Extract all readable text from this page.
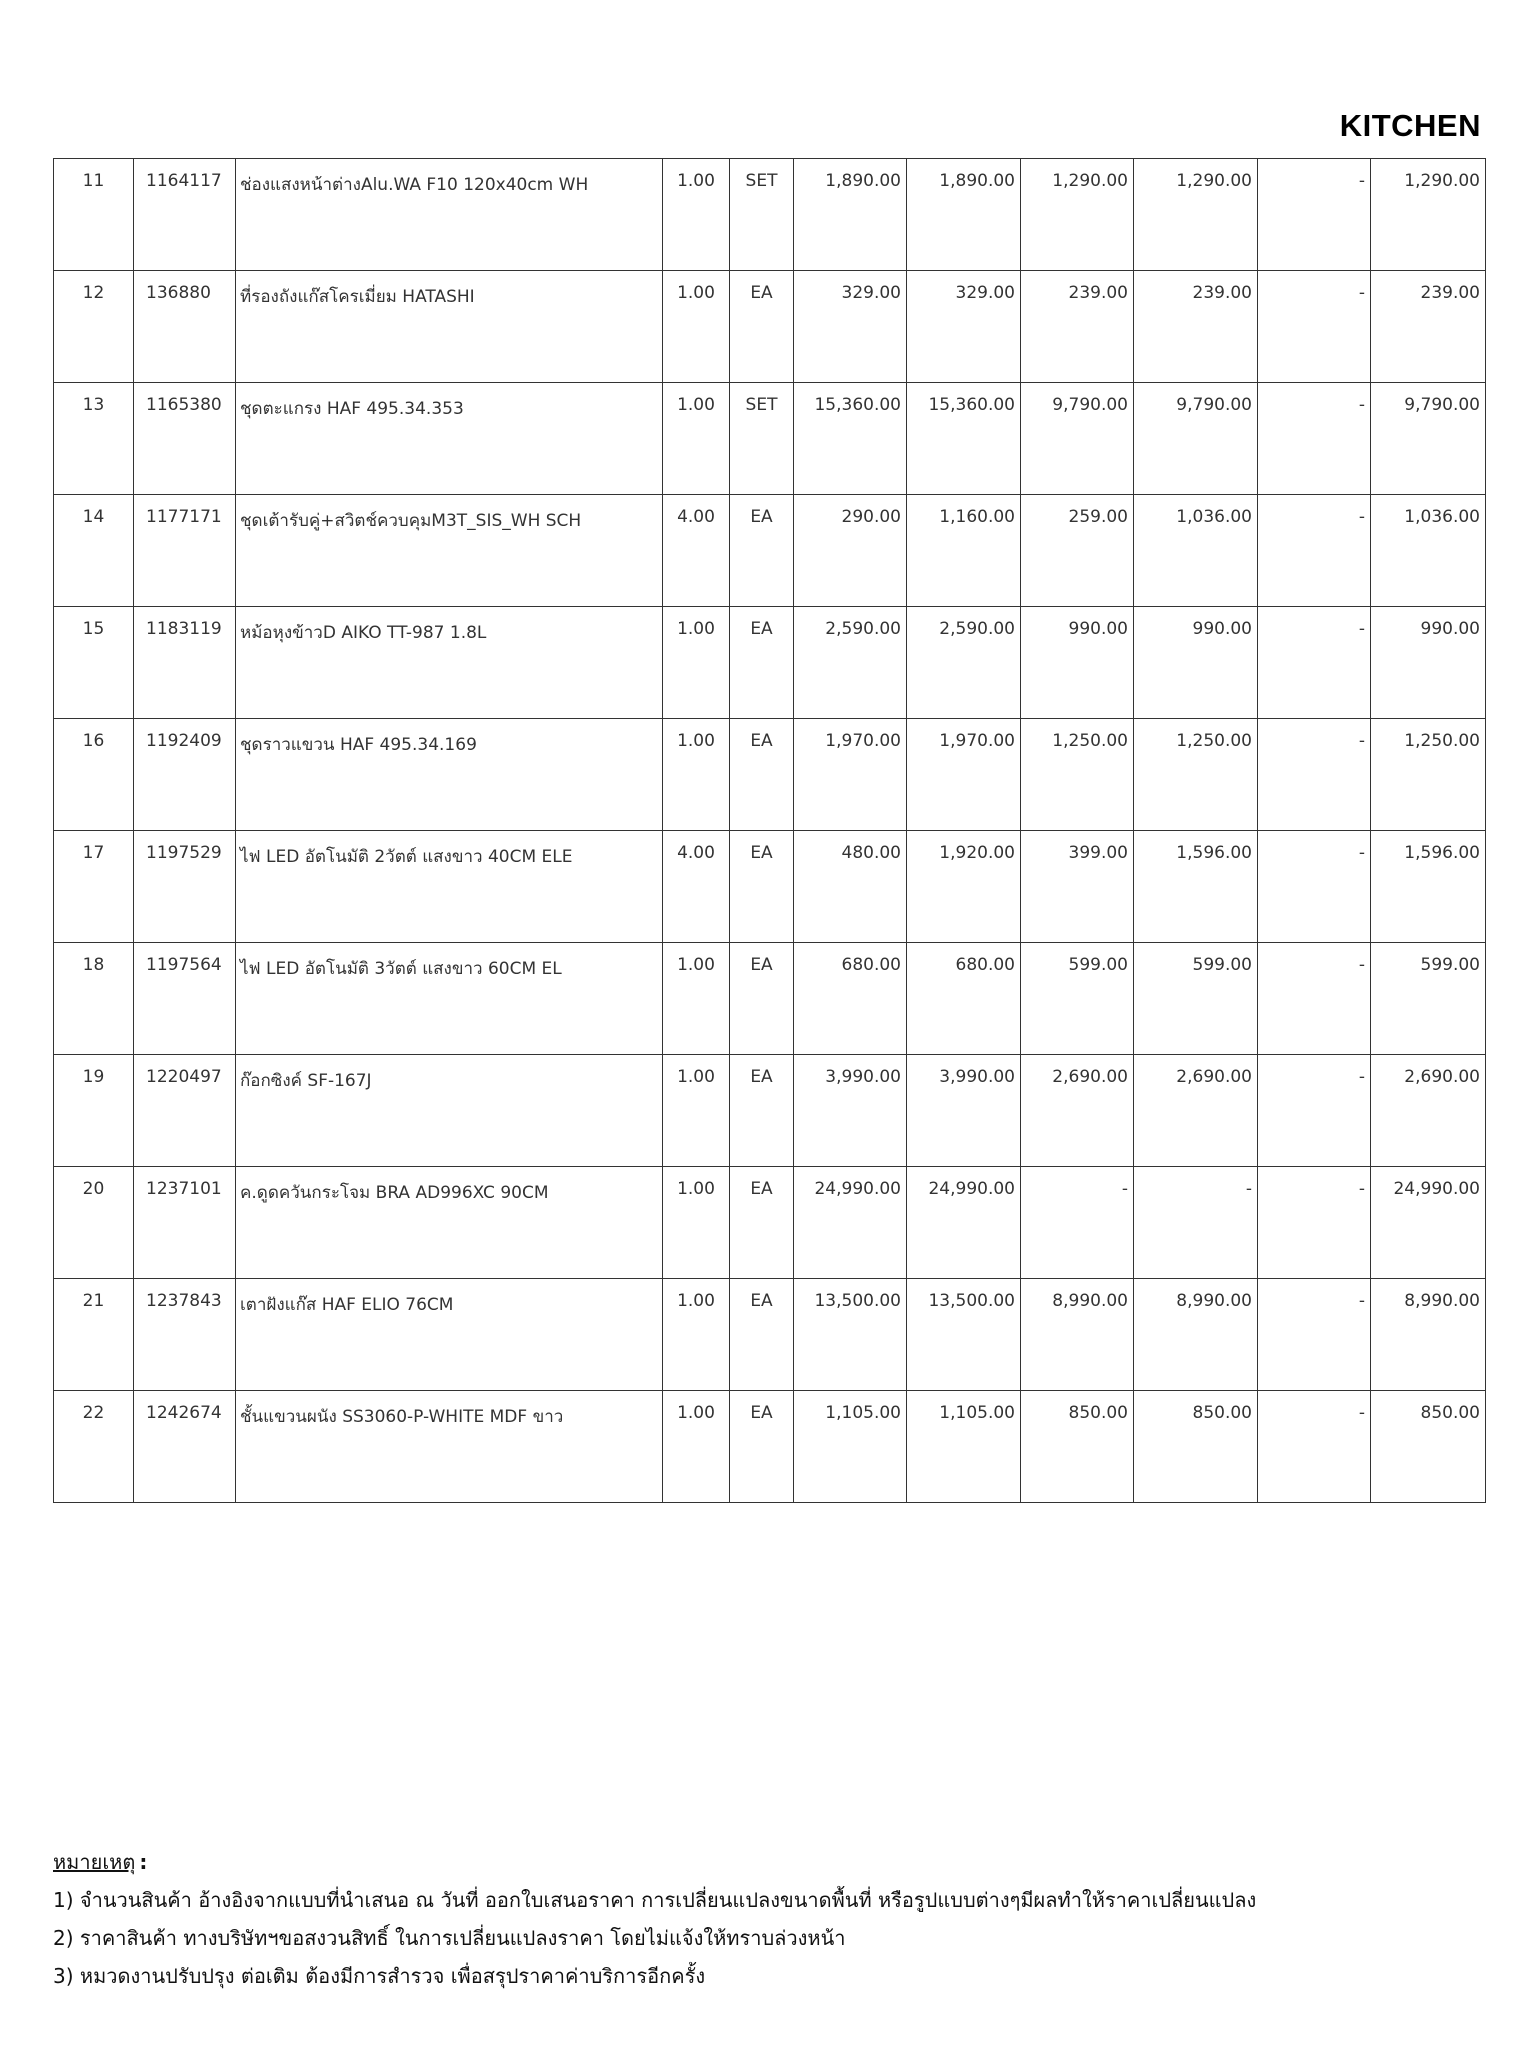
KITCHEN
11	1164117	ช่องแสงหน้าต่างAlu.WA F10 120x40cm WH	1.00	SET	1,890.00	1,890.00	1,290.00	1,290.00	-	1,290.00
12	136880	ที่รองถังแก๊สโครเมี่ยม HATASHI	1.00	EA	329.00	329.00	239.00	239.00	-	239.00
13	1165380	ชุดตะแกรง HAF 495.34.353	1.00	SET	15,360.00	15,360.00	9,790.00	9,790.00	-	9,790.00
14	1177171	ชุดเต้ารับคู่+สวิตช์ควบคุมM3T_SIS_WH SCH	4.00	EA	290.00	1,160.00	259.00	1,036.00	-	1,036.00
15	1183119	หม้อหุงข้าวD AIKO TT-987 1.8L	1.00	EA	2,590.00	2,590.00	990.00	990.00	-	990.00
16	1192409	ชุดราวแขวน HAF 495.34.169	1.00	EA	1,970.00	1,970.00	1,250.00	1,250.00	-	1,250.00
17	1197529	ไฟ LED อัตโนมัติ 2วัตต์ แสงขาว 40CM ELE	4.00	EA	480.00	1,920.00	399.00	1,596.00	-	1,596.00
18	1197564	ไฟ LED อัตโนมัติ 3วัตต์ แสงขาว 60CM EL	1.00	EA	680.00	680.00	599.00	599.00	-	599.00
19	1220497	ก๊อกซิงค์ SF-167J	1.00	EA	3,990.00	3,990.00	2,690.00	2,690.00	-	2,690.00
20	1237101	ค.ดูดควันกระโจม BRA AD996XC 90CM	1.00	EA	24,990.00	24,990.00	-	-	-	24,990.00
21	1237843	เตาฝังแก๊ส HAF ELIO 76CM	1.00	EA	13,500.00	13,500.00	8,990.00	8,990.00	-	8,990.00
22	1242674	ชั้นแขวนผนัง SS3060-P-WHITE MDF ขาว	1.00	EA	1,105.00	1,105.00	850.00	850.00	-	850.00
หมายเหตุ :
1) จำนวนสินค้า อ้างอิงจากแบบที่นำเสนอ ณ วันที่ ออกใบเสนอราคา การเปลี่ยนแปลงขนาดพื้นที่ หรือรูปแบบต่างๆมีผลทำให้ราคาเปลี่ยนแปลง
2) ราคาสินค้า ทางบริษัทฯขอสงวนสิทธิ์ ในการเปลี่ยนแปลงราคา โดยไม่แจ้งให้ทราบล่วงหน้า
3) หมวดงานปรับปรุง ต่อเติม ต้องมีการสำรวจ เพื่อสรุปราคาค่าบริการอีกครั้ง
